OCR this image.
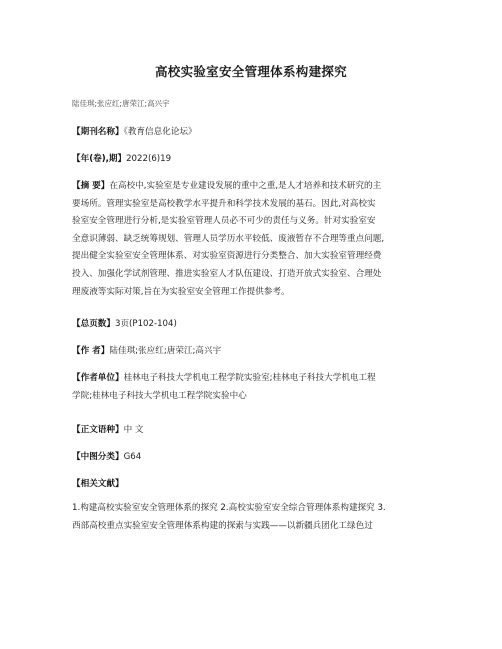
高校实验室安全管理体系构建探究
陆佳琪;张应红;唐荣江;高兴宇
【期刊名称】《教育信息化论坛》
【年(卷),期】2022(6)19
【摘 要】在高校中,实验室是专业建设发展的重中之重,是人才培养和技术研究的主
要场所。管理实验室是高校教学水平提升和科学技术发展的基石。因此,对高校实
验室安全管理进行分析,是实验室管理人员必不可少的责任与义务。针对实验室安
全意识薄弱、缺乏统筹规划、管理人员学历水平较低、废液暂存不合理等重点问题,
提出健全实验室安全管理体系、对实验室资源进行分类整合、加大实验室管理经费
投入、加强化学试剂管理、推进实验室人才队伍建设、打造开放式实验室、合理处
理废液等实际对策,旨在为实验室安全管理工作提供参考。
【总页数】3页(P102-104)
【作 者】陆佳琪;张应红;唐荣江;高兴宇
【作者单位】桂林电子科技大学机电工程学院实验室;桂林电子科技大学机电工程
学院;桂林电子科技大学机电工程学院实验中心
【正文语种】中 文
【中图分类】G64
【相关文献】
1.构建高校实验室安全管理体系的探究 2.高校实验室安全综合管理体系构建探究 3.
西部高校重点实验室安全管理体系构建的探索与实践——以新疆兵团化工绿色过
